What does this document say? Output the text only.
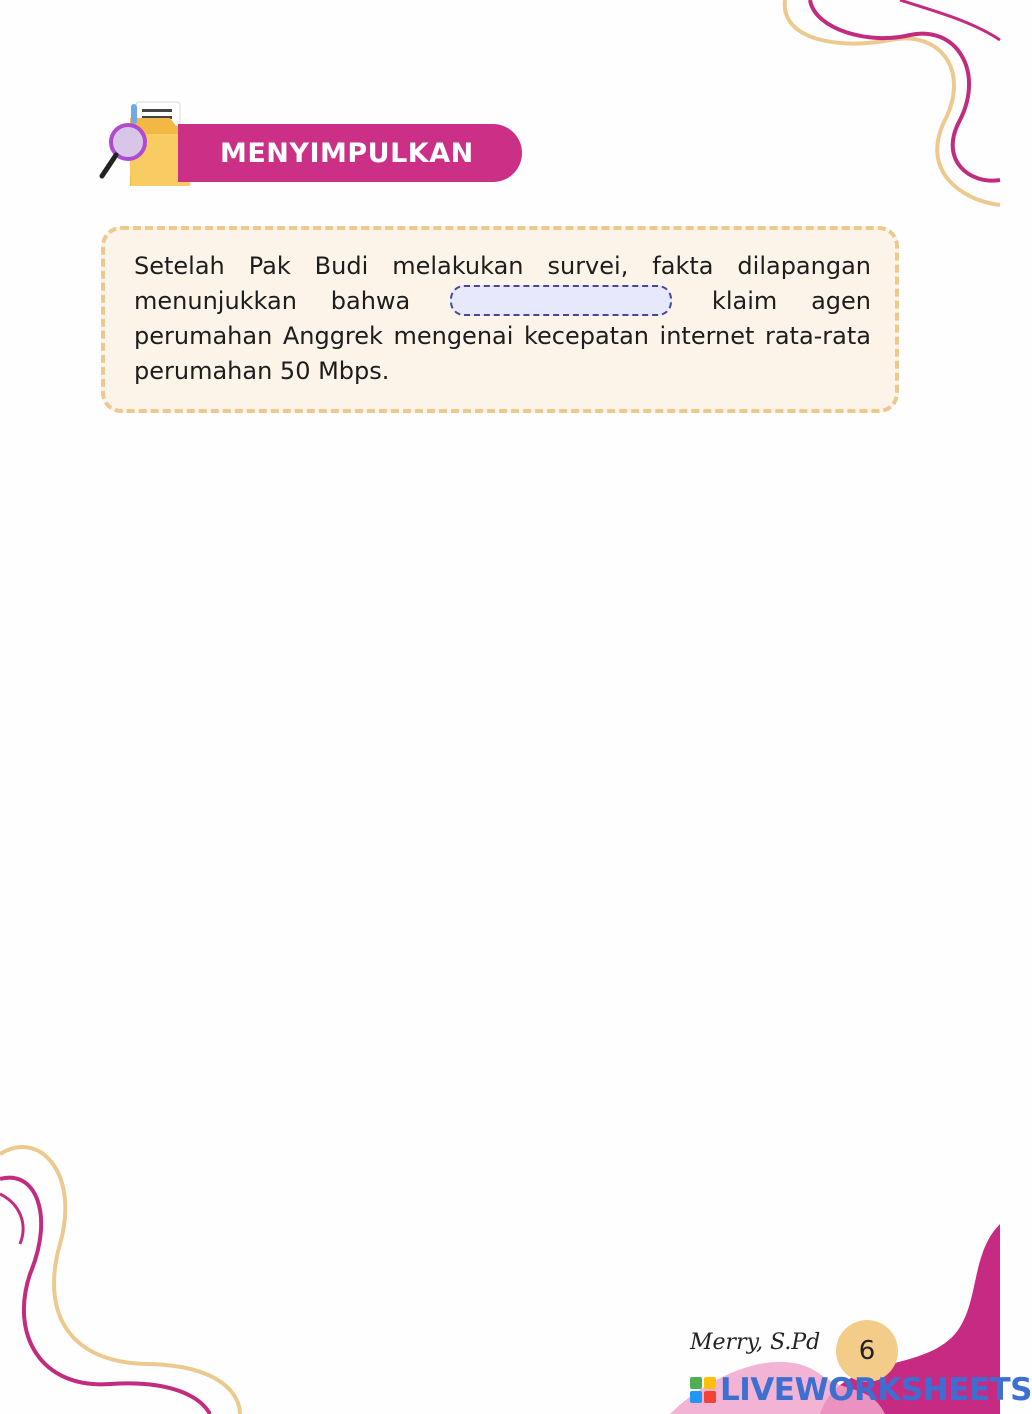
MENYIMPULKAN

Setelah Pak Budi melakukan survei, fakta dilapangan menunjukkan bahwa	klaim agen perumahan Anggrek mengenai kecepatan internet rata-rata perumahan 50 Mbps.

Merry, S.Pd	6
LIVEWORKSHEETS
